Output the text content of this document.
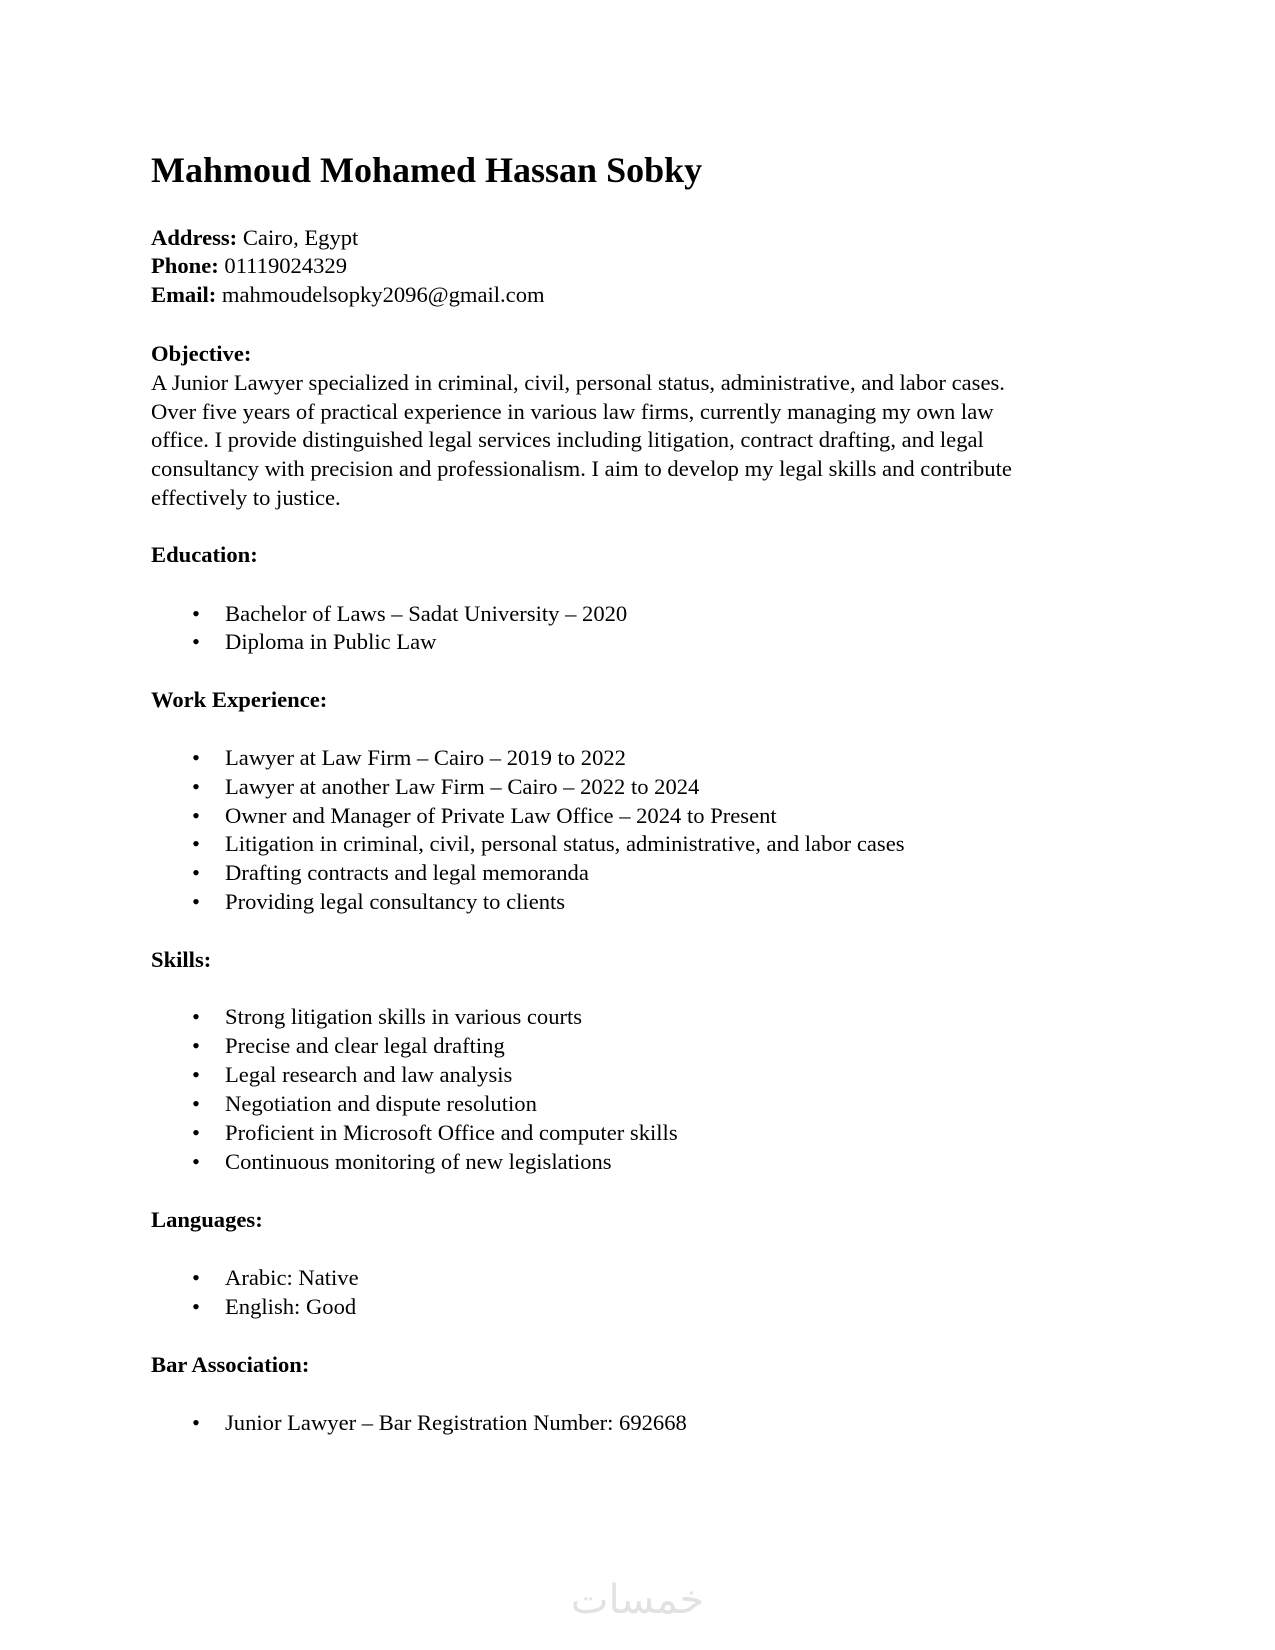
Mahmoud Mohamed Hassan Sobky
Address: Cairo, Egypt
Phone: 01119024329
Email: mahmoudelsopky2096@gmail.com
Objective:
A Junior Lawyer specialized in criminal, civil, personal status, administrative, and labor cases.
Over five years of practical experience in various law firms, currently managing my own law
office. I provide distinguished legal services including litigation, contract drafting, and legal
consultancy with precision and professionalism. I aim to develop my legal skills and contribute
effectively to justice.
Education:
• Bachelor of Laws – Sadat University – 2020
• Diploma in Public Law
Work Experience:
• Lawyer at Law Firm – Cairo – 2019 to 2022
• Lawyer at another Law Firm – Cairo – 2022 to 2024
• Owner and Manager of Private Law Office – 2024 to Present
• Litigation in criminal, civil, personal status, administrative, and labor cases
• Drafting contracts and legal memoranda
• Providing legal consultancy to clients
Skills:
• Strong litigation skills in various courts
• Precise and clear legal drafting
• Legal research and law analysis
• Negotiation and dispute resolution
• Proficient in Microsoft Office and computer skills
• Continuous monitoring of new legislations
Languages:
• Arabic: Native
• English: Good
Bar Association:
• Junior Lawyer – Bar Registration Number: 692668
خمسات
